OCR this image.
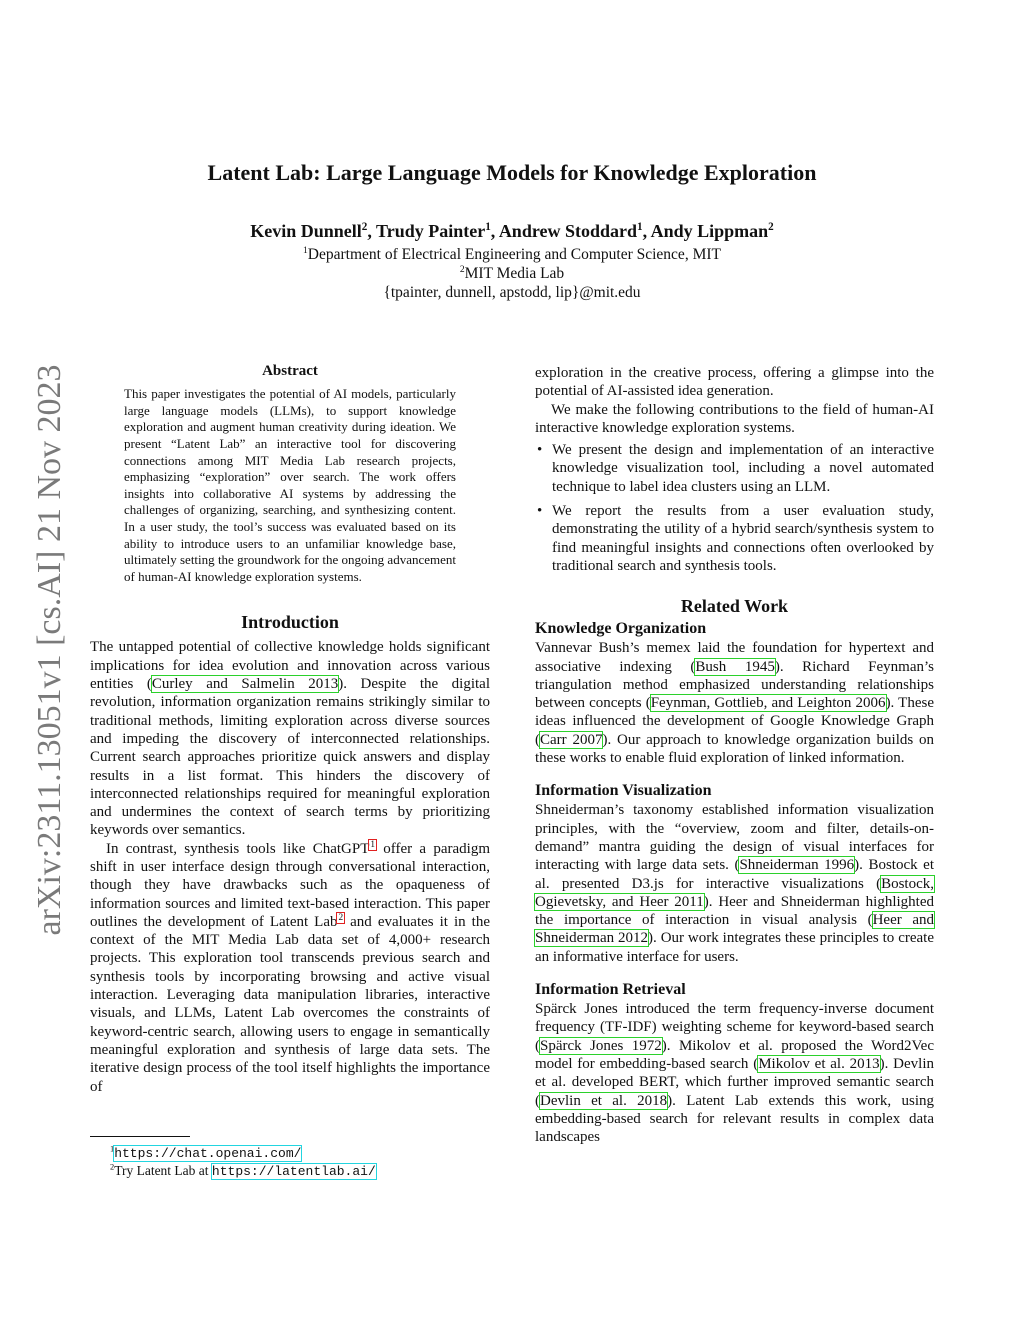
arXiv:2311.13051v1 [cs.AI] 21 Nov 2023
Latent Lab: Large Language Models for Knowledge Exploration
Kevin Dunnell$^2$, Trudy Painter$^1$, Andrew Stoddard$^1$, Andy Lippman$^2$
$^1$Department of Electrical Engineering and Computer Science, MIT
$^2$MIT Media Lab
{tpainter, dunnell, apstodd, lip}@mit.edu
Abstract
This paper investigates the potential of AI models, particularly large language models (LLMs), to support knowledge exploration and augment human creativity during ideation. We present “Latent Lab” an interactive tool for discovering connections among MIT Media Lab research projects, emphasizing “exploration” over search. The work offers insights into collaborative AI systems by addressing the challenges of organizing, searching, and synthesizing content. In a user study, the tool’s success was evaluated based on its ability to introduce users to an unfamiliar knowledge base, ultimately setting the groundwork for the ongoing advancement of human-AI knowledge exploration systems.
Introduction

The untapped potential of collective knowledge holds significant implications for idea evolution and innovation across various entities (Curley and Salmelin 2013). Despite the digital revolution, information organization remains strikingly similar to traditional methods, limiting exploration across diverse sources and impeding the discovery of interconnected relationships. Current search approaches prioritize quick answers and display results in a list format. This hinders the discovery of interconnected relationships required for meaningful exploration and undermines the context of search terms by prioritizing keywords over semantics.

In contrast, synthesis tools like ChatGPT$^1$ offer a paradigm shift in user interface design through conversational interaction, though they have drawbacks such as the opaqueness of information sources and limited text-based interaction. This paper outlines the development of Latent Lab$^2$ and evaluates it in the context of the MIT Media Lab data set of 4,000+ research projects. This exploration tool transcends previous search and synthesis tools by incorporating browsing and active visual interaction. Leveraging data manipulation libraries, interactive visuals, and LLMs, Latent Lab overcomes the constraints of keyword-centric search, allowing users to engage in semantically meaningful exploration and synthesis of large data sets. The iterative design process of the tool itself highlights the importance of

$^1$https://chat.openai.com/
$^2$Try Latent Lab at https://latentlab.ai/

exploration in the creative process, offering a glimpse into the potential of AI-assisted idea generation.

We make the following contributions to the field of human-AI interactive knowledge exploration systems.

• We present the design and implementation of an interactive knowledge visualization tool, including a novel automated technique to label idea clusters using an LLM.
• We report the results from a user evaluation study, demonstrating the utility of a hybrid search/synthesis system to find meaningful insights and connections often overlooked by traditional search and synthesis tools.
Related Work
Knowledge Organization

Vannevar Bush’s memex laid the foundation for hypertext and associative indexing (Bush 1945). Richard Feynman’s triangulation method emphasized understanding relationships between concepts (Feynman, Gottlieb, and Leighton 2006). These ideas influenced the development of Google Knowledge Graph (Carr 2007). Our approach to knowledge organization builds on these works to enable fluid exploration of linked information.

Information Visualization

Shneiderman’s taxonomy established information visualization principles, with the “overview, zoom and filter, details-on-demand” mantra guiding the design of visual interfaces for interacting with large data sets. (Shneiderman 1996). Bostock et al. presented D3.js for interactive visualizations (Bostock, Ogievetsky, and Heer 2011). Heer and Shneiderman highlighted the importance of interaction in visual analysis (Heer and Shneiderman 2012). Our work integrates these principles to create an informative interface for users.

Information Retrieval

Spärck Jones introduced the term frequency-inverse document frequency (TF-IDF) weighting scheme for keyword-based search (Spärck Jones 1972). Mikolov et al. proposed the Word2Vec model for embedding-based search (Mikolov et al. 2013). Devlin et al. developed BERT, which further improved semantic search (Devlin et al. 2018). Latent Lab extends this work, using embedding-based search for relevant results in complex data landscapes
